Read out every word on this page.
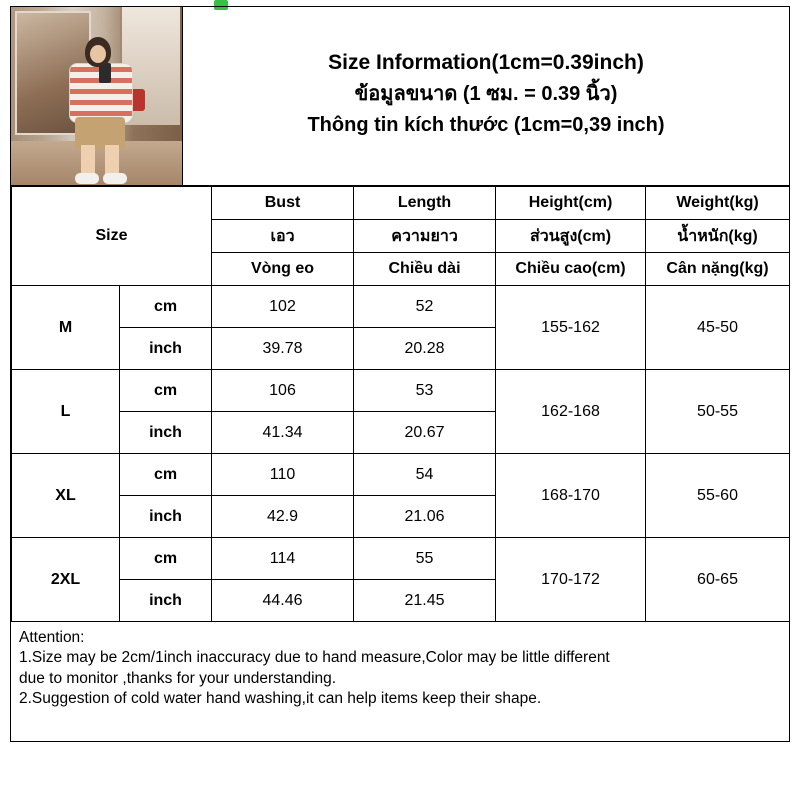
Size Information(1cm=0.39inch)
ข้อมูลขนาด (1 ซม. = 0.39 นิ้ว)
Thông tin kích thước (1cm=0,39 inch)
Size		Bust	Length	Height(cm)	Weight(kg)
		เอว	ความยาว	ส่วนสูง(cm)	น้ำหนัก(kg)
		Vòng eo	Chiều dài	Chiều cao(cm)	Cân nặng(kg)
M	cm	102	52	155-162	45-50
	inch	39.78	20.28		
L	cm	106	53	162-168	50-55
	inch	41.34	20.67		
XL	cm	110	54	168-170	55-60
	inch	42.9	21.06		
2XL	cm	114	55	170-172	60-65
	inch	44.46	21.45		

Attention:

1.Size may be 2cm/1inch inaccuracy due to hand measure,Color may be little different

due to monitor ,thanks for your understanding.

2.Suggestion of cold water hand washing,it can help items keep their shape.
